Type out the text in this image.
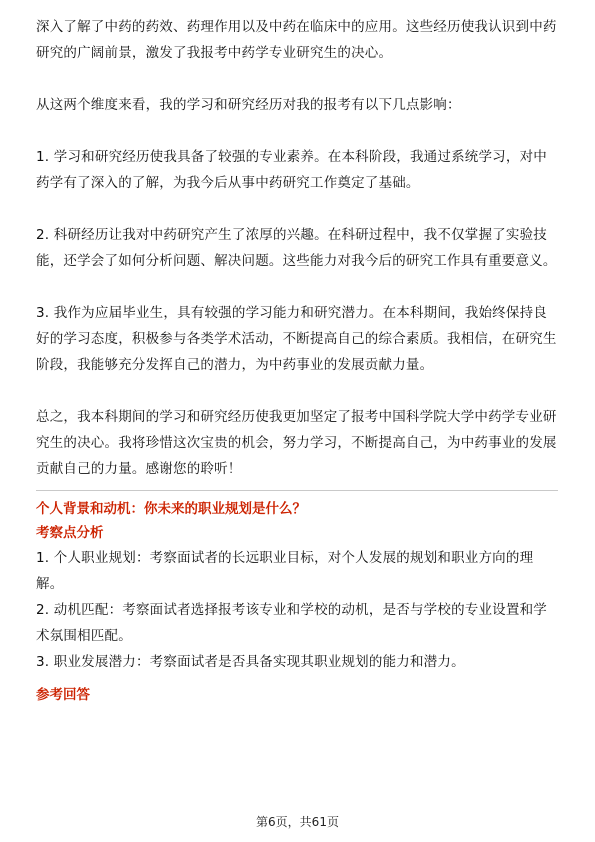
深入了解了中药的药效、药理作用以及中药在临床中的应用。这些经历使我认识到中药研究的广阔前景，激发了我报考中药学专业研究生的决心。

从这两个维度来看，我的学习和研究经历对我的报考有以下几点影响：

1. 学习和研究经历使我具备了较强的专业素养。在本科阶段，我通过系统学习，对中药学有了深入的了解，为我今后从事中药研究工作奠定了基础。

2. 科研经历让我对中药研究产生了浓厚的兴趣。在科研过程中，我不仅掌握了实验技能，还学会了如何分析问题、解决问题。这些能力对我今后的研究工作具有重要意义。

3. 我作为应届毕业生，具有较强的学习能力和研究潜力。在本科期间，我始终保持良好的学习态度，积极参与各类学术活动，不断提高自己的综合素质。我相信，在研究生阶段，我能够充分发挥自己的潜力，为中药事业的发展贡献力量。

总之，我本科期间的学习和研究经历使我更加坚定了报考中国科学院大学中药学专业研究生的决心。我将珍惜这次宝贵的机会，努力学习，不断提高自己，为中药事业的发展贡献自己的力量。感谢您的聆听！

个人背景和动机：你未来的职业规划是什么？

考察点分析

1. 个人职业规划：考察面试者的长远职业目标，对个人发展的规划和职业方向的理解。

2. 动机匹配：考察面试者选择报考该专业和学校的动机，是否与学校的专业设置和学术氛围相匹配。

3. 职业发展潜力：考察面试者是否具备实现其职业规划的能力和潜力。

参考回答

第6页，共61页
